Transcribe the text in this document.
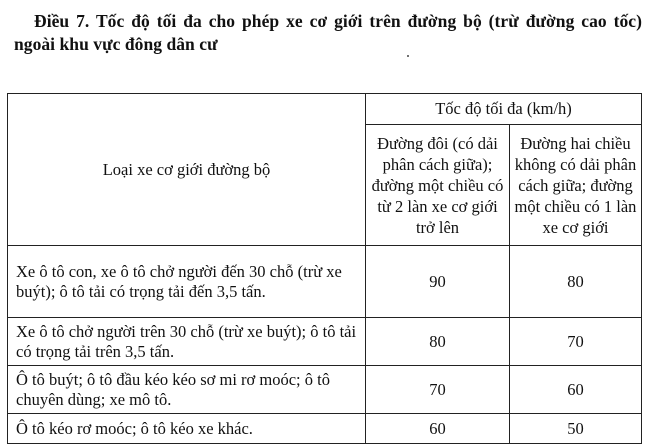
Điều 7. Tốc độ tối đa cho phép xe cơ giới trên đường bộ (trừ đường cao tốc) ngoài khu vực đông dân cư
Loại xe cơ giới đường bộ	Tốc độ tối đa (km/h)	
	Đường đôi (có dải phân cách giữa); đường một chiều có từ 2 làn xe cơ giới trở lên	Đường hai chiều không có dải phân cách giữa; đường một chiều có 1 làn xe cơ giới
Xe ô tô con, xe ô tô chở người đến 30 chỗ (trừ xe buýt); ô tô tải có trọng tải đến 3,5 tấn.	90	80
Xe ô tô chở người trên 30 chỗ (trừ xe buýt); ô tô tải có trọng tải trên 3,5 tấn.	80	70
Ô tô buýt; ô tô đầu kéo kéo sơ mi rơ moóc; ô tô chuyên dùng; xe mô tô.	70	60
Ô tô kéo rơ moóc; ô tô kéo xe khác.	60	50
